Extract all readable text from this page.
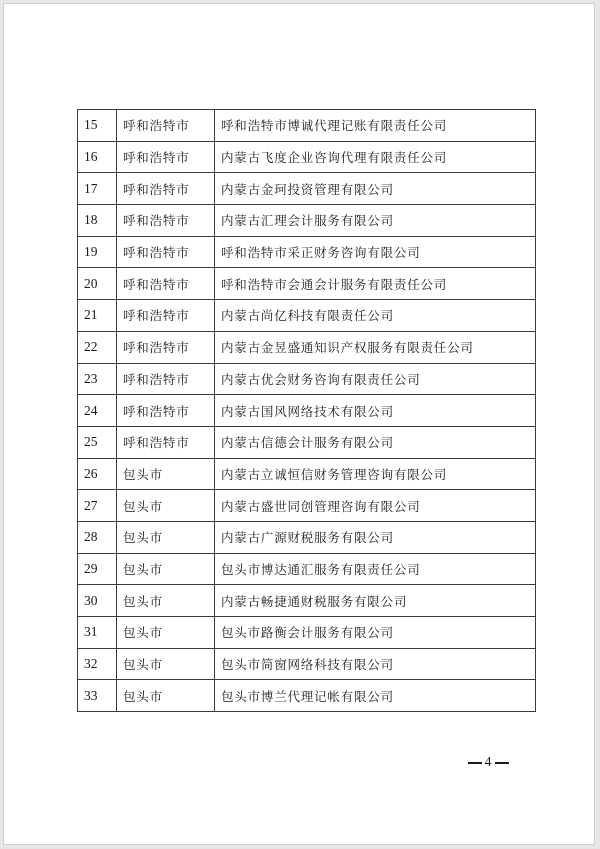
15	呼和浩特市	呼和浩特市博诚代理记账有限责任公司
16	呼和浩特市	内蒙古飞度企业咨询代理有限责任公司
17	呼和浩特市	内蒙古金珂投资管理有限公司
18	呼和浩特市	内蒙古汇理会计服务有限公司
19	呼和浩特市	呼和浩特市采正财务咨询有限公司
20	呼和浩特市	呼和浩特市会通会计服务有限责任公司
21	呼和浩特市	内蒙古尚亿科技有限责任公司
22	呼和浩特市	内蒙古金昱盛通知识产权服务有限责任公司
23	呼和浩特市	内蒙古优会财务咨询有限责任公司
24	呼和浩特市	内蒙古国风网络技术有限公司
25	呼和浩特市	内蒙古信德会计服务有限公司
26	包头市	内蒙古立诚恒信财务管理咨询有限公司
27	包头市	内蒙古盛世同创管理咨询有限公司
28	包头市	内蒙古广源财税服务有限公司
29	包头市	包头市博达通汇服务有限责任公司
30	包头市	内蒙古畅捷通财税服务有限公司
31	包头市	包头市路衡会计服务有限公司
32	包头市	包头市简窗网络科技有限公司
33	包头市	包头市博兰代理记帐有限公司
4
